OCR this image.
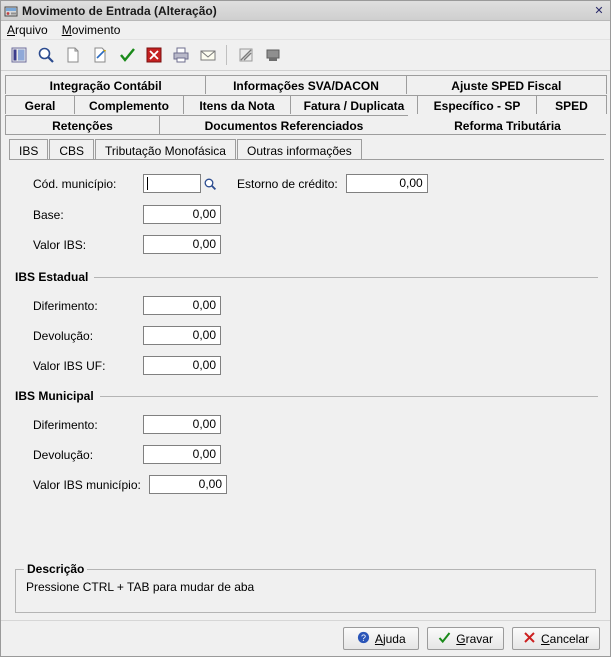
Movimento de Entrada (Alteração)	✕
Arquivo Movimento
Integração Contábil	Informações SVA/DACON	Ajuste SPED Fiscal
Geral	Complemento	Itens da Nota Fatura / Duplicata Específico - SP	SPED
Retenções	Documentos Referenciados	Reforma Tributária
IBS CBS Tributação Monofásica Outras informações
Cód. município:	Estorno de crédito:	0,00
Base:	0,00
Valor IBS:	0,00
IBS Estadual
Diferimento:	0,00
Devolução:	0,00
Valor IBS UF:	0,00
IBS Municipal
Diferimento:	0,00
Devolução:	0,00
Valor IBS município:	0,00
Descrição
Pressione CTRL + TAB para mudar de aba
? Ajuda	Gravar	Cancelar
